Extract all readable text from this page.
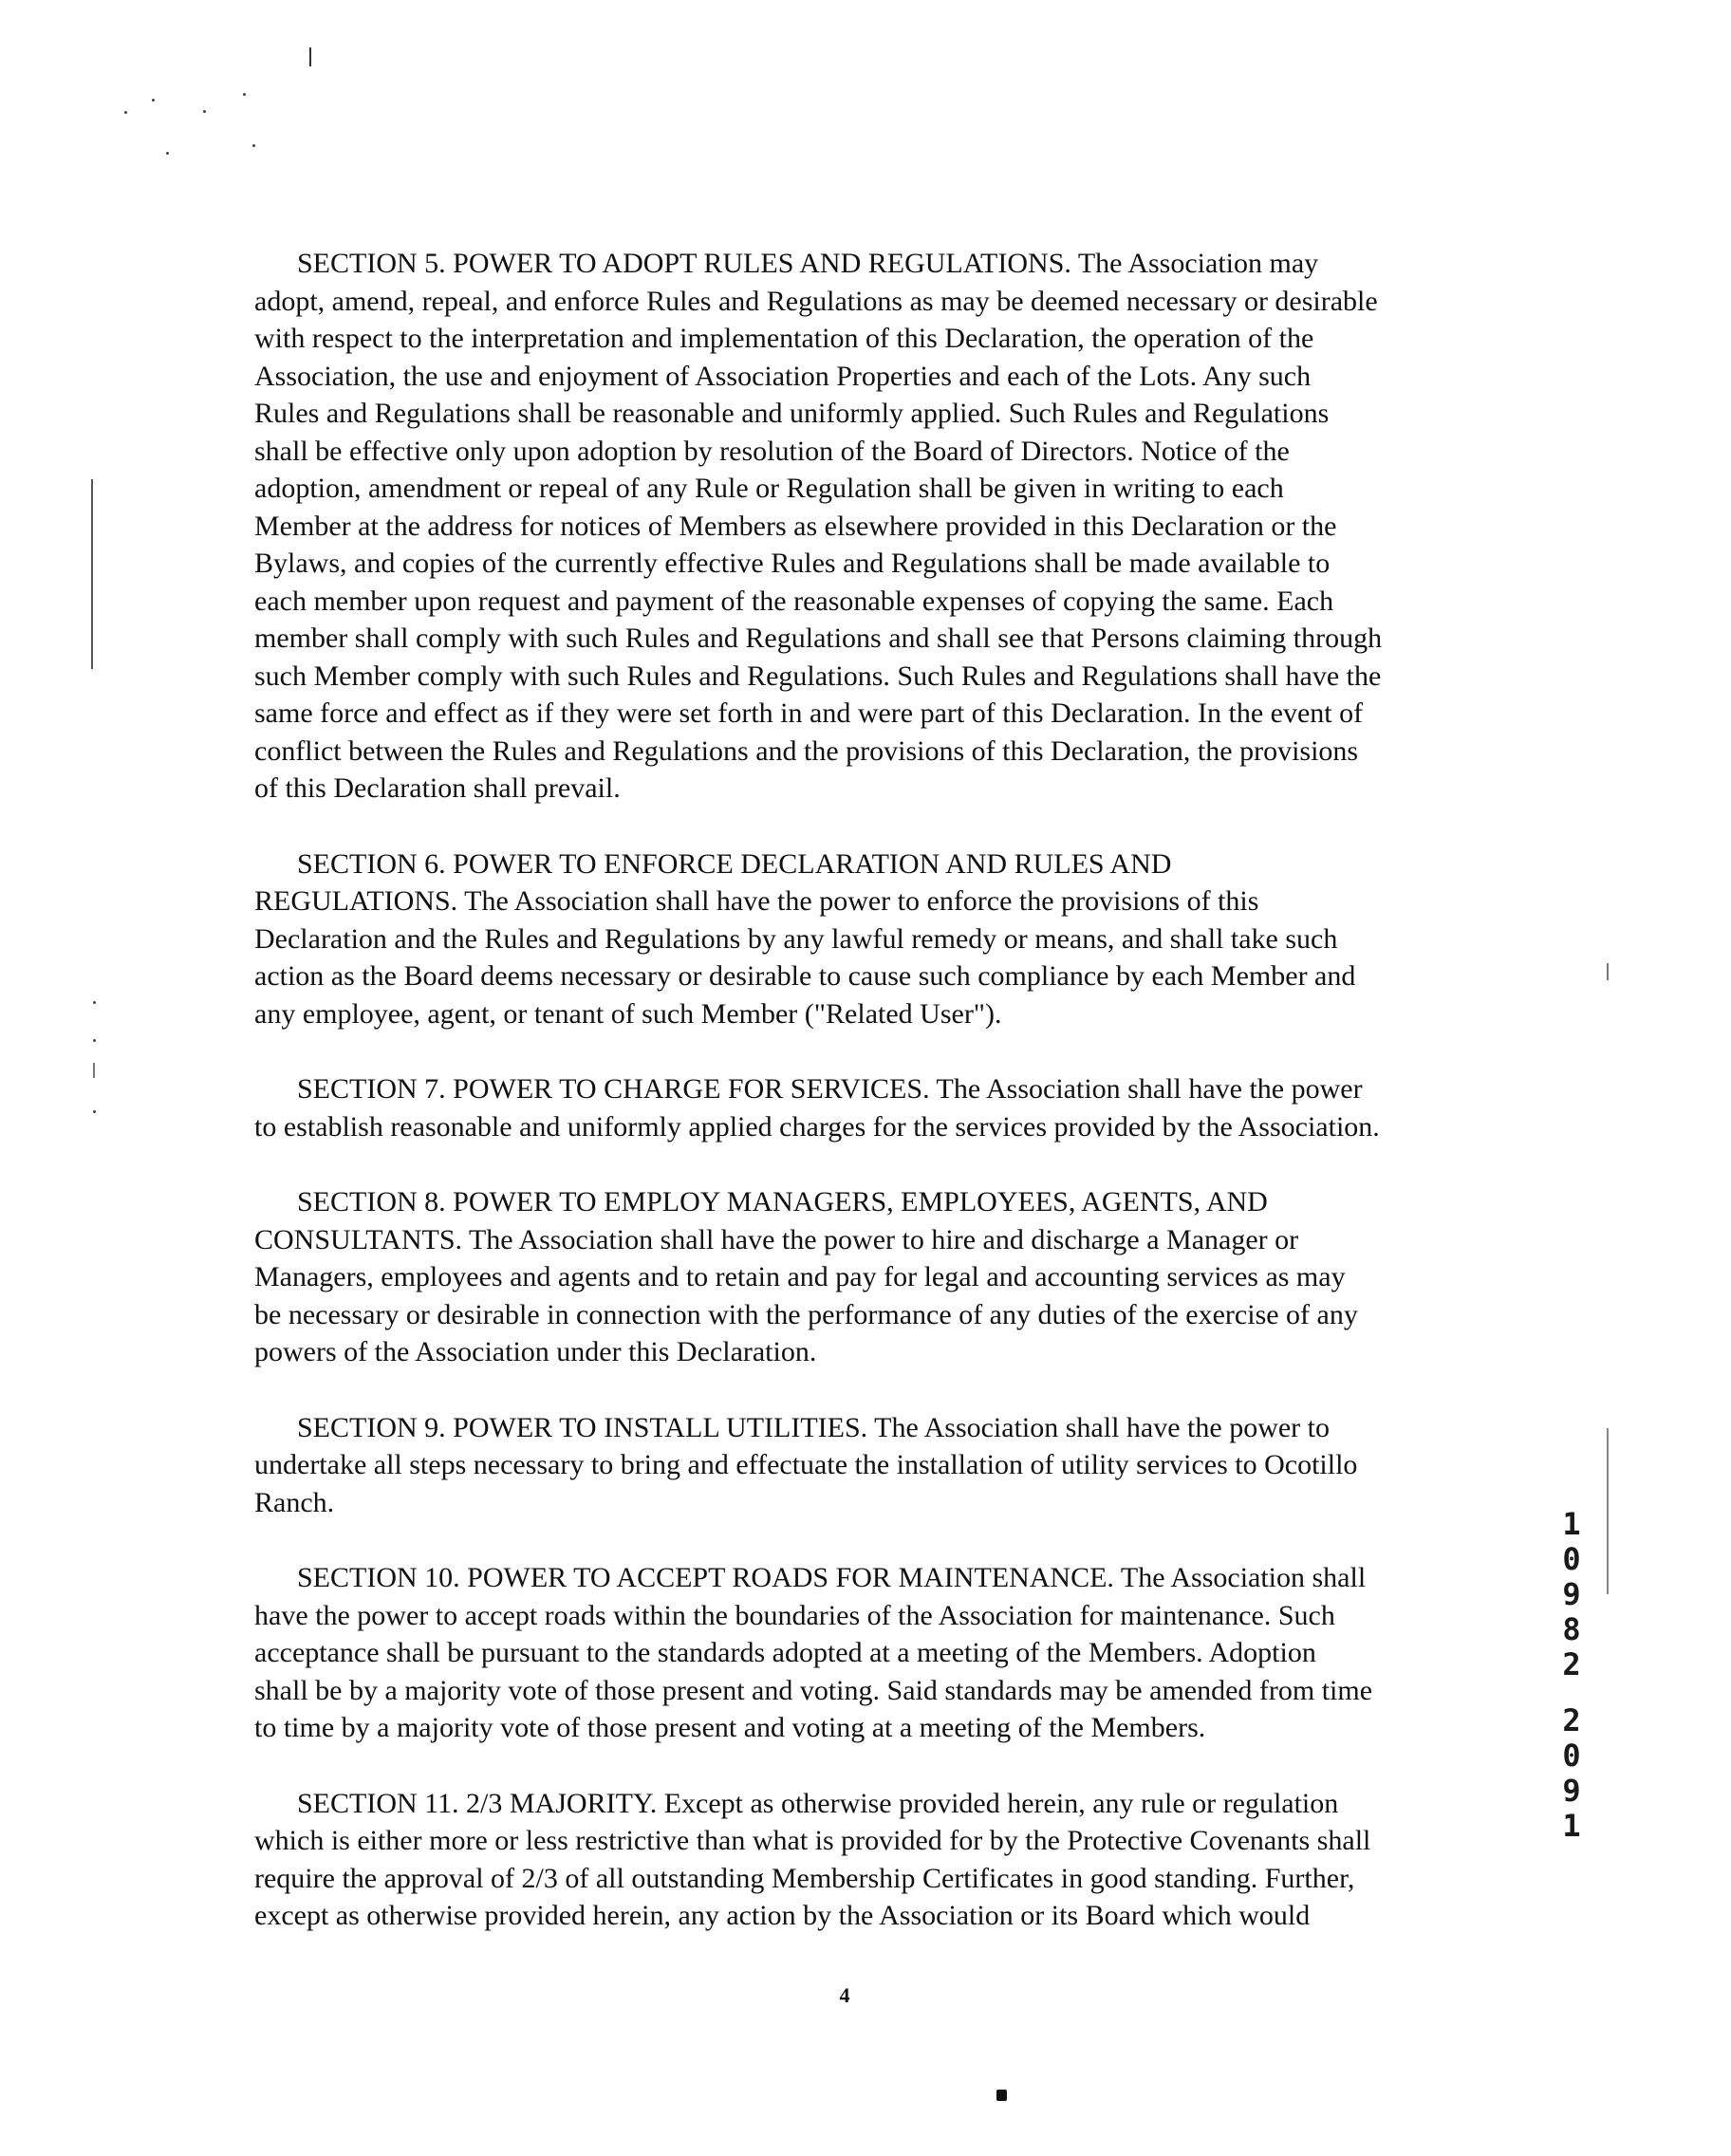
SECTION 5. POWER TO ADOPT RULES AND REGULATIONS. The Association may
adopt, amend, repeal, and enforce Rules and Regulations as may be deemed necessary or desirable
with respect to the interpretation and implementation of this Declaration, the operation of the
Association, the use and enjoyment of Association Properties and each of the Lots. Any such
Rules and Regulations shall be reasonable and uniformly applied. Such Rules and Regulations
shall be effective only upon adoption by resolution of the Board of Directors. Notice of the
adoption, amendment or repeal of any Rule or Regulation shall be given in writing to each
Member at the address for notices of Members as elsewhere provided in this Declaration or the
Bylaws, and copies of the currently effective Rules and Regulations shall be made available to
each member upon request and payment of the reasonable expenses of copying the same. Each
member shall comply with such Rules and Regulations and shall see that Persons claiming through
such Member comply with such Rules and Regulations. Such Rules and Regulations shall have the
same force and effect as if they were set forth in and were part of this Declaration. In the event of
conflict between the Rules and Regulations and the provisions of this Declaration, the provisions
of this Declaration shall prevail.

SECTION 6. POWER TO ENFORCE DECLARATION AND RULES AND
REGULATIONS. The Association shall have the power to enforce the provisions of this
Declaration and the Rules and Regulations by any lawful remedy or means, and shall take such
action as the Board deems necessary or desirable to cause such compliance by each Member and
any employee, agent, or tenant of such Member ("Related User").

SECTION 7. POWER TO CHARGE FOR SERVICES. The Association shall have the power
to establish reasonable and uniformly applied charges for the services provided by the Association.

SECTION 8. POWER TO EMPLOY MANAGERS, EMPLOYEES, AGENTS, AND
CONSULTANTS. The Association shall have the power to hire and discharge a Manager or
Managers, employees and agents and to retain and pay for legal and accounting services as may
be necessary or desirable in connection with the performance of any duties of the exercise of any
powers of the Association under this Declaration.

SECTION 9. POWER TO INSTALL UTILITIES. The Association shall have the power to
undertake all steps necessary to bring and effectuate the installation of utility services to Ocotillo
Ranch.

SECTION 10. POWER TO ACCEPT ROADS FOR MAINTENANCE. The Association shall
have the power to accept roads within the boundaries of the Association for maintenance. Such
acceptance shall be pursuant to the standards adopted at a meeting of the Members. Adoption
shall be by a majority vote of those present and voting. Said standards may be amended from time
to time by a majority vote of those present and voting at a meeting of the Members.

SECTION 11. 2/3 MAJORITY. Except as otherwise provided herein, any rule or regulation
which is either more or less restrictive than what is provided for by the Protective Covenants shall
require the approval of 2/3 of all outstanding Membership Certificates in good standing. Further,
except as otherwise provided herein, any action by the Association or its Board which would

4
1
0
9
8
2
2
0
9
1
